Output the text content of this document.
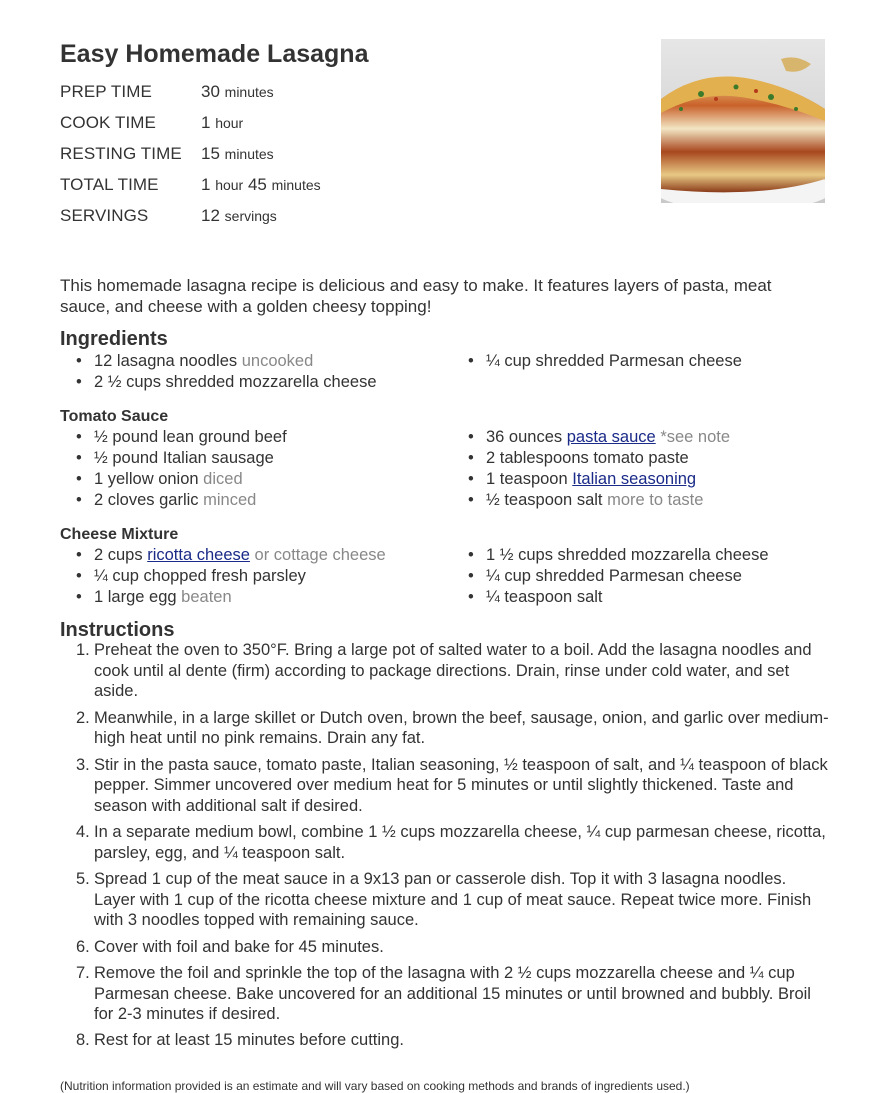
Easy Homemade Lasagna
PREP TIME	30 minutes
COOK TIME	1 hour
RESTING TIME	15 minutes
TOTAL TIME	1 hour 45 minutes
SERVINGS	12 servings

This homemade lasagna recipe is delicious and easy to make. It features layers of pasta, meat sauce, and cheese with a golden cheesy topping!

Ingredients
• 12 lasagna noodles uncooked
• 2 ½ cups shredded mozzarella cheese
• ¼ cup shredded Parmesan cheese
Tomato Sauce
• ½ pound lean ground beef
• ½ pound Italian sausage
• 1 yellow onion diced
• 2 cloves garlic minced
• 36 ounces pasta sauce *see note
• 2 tablespoons tomato paste
• 1 teaspoon Italian seasoning
• ½ teaspoon salt more to taste
Cheese Mixture
• 2 cups ricotta cheese or cottage cheese
• ¼ cup chopped fresh parsley
• 1 large egg beaten
• 1 ½ cups shredded mozzarella cheese
• ¼ cup shredded Parmesan cheese
• ¼ teaspoon salt
Instructions
1. Preheat the oven to 350°F. Bring a large pot of salted water to a boil. Add the lasagna noodles and cook until al dente (firm) according to package directions. Drain, rinse under cold water, and set aside.
2. Meanwhile, in a large skillet or Dutch oven, brown the beef, sausage, onion, and garlic over medium-high heat until no pink remains. Drain any fat.
3. Stir in the pasta sauce, tomato paste, Italian seasoning, ½ teaspoon of salt, and ¼ teaspoon of black pepper. Simmer uncovered over medium heat for 5 minutes or until slightly thickened. Taste and season with additional salt if desired.
4. In a separate medium bowl, combine 1 ½ cups mozzarella cheese, ¼ cup parmesan cheese, ricotta, parsley, egg, and ¼ teaspoon salt.
5. Spread 1 cup of the meat sauce in a 9x13 pan or casserole dish. Top it with 3 lasagna noodles. Layer with 1 cup of the ricotta cheese mixture and 1 cup of meat sauce. Repeat twice more. Finish with 3 noodles topped with remaining sauce.
6. Cover with foil and bake for 45 minutes.
7. Remove the foil and sprinkle the top of the lasagna with 2 ½ cups mozzarella cheese and ¼ cup Parmesan cheese. Bake uncovered for an additional 15 minutes or until browned and bubbly. Broil for 2-3 minutes if desired.
8. Rest for at least 15 minutes before cutting.
(Nutrition information provided is an estimate and will vary based on cooking methods and brands of ingredients used.)
